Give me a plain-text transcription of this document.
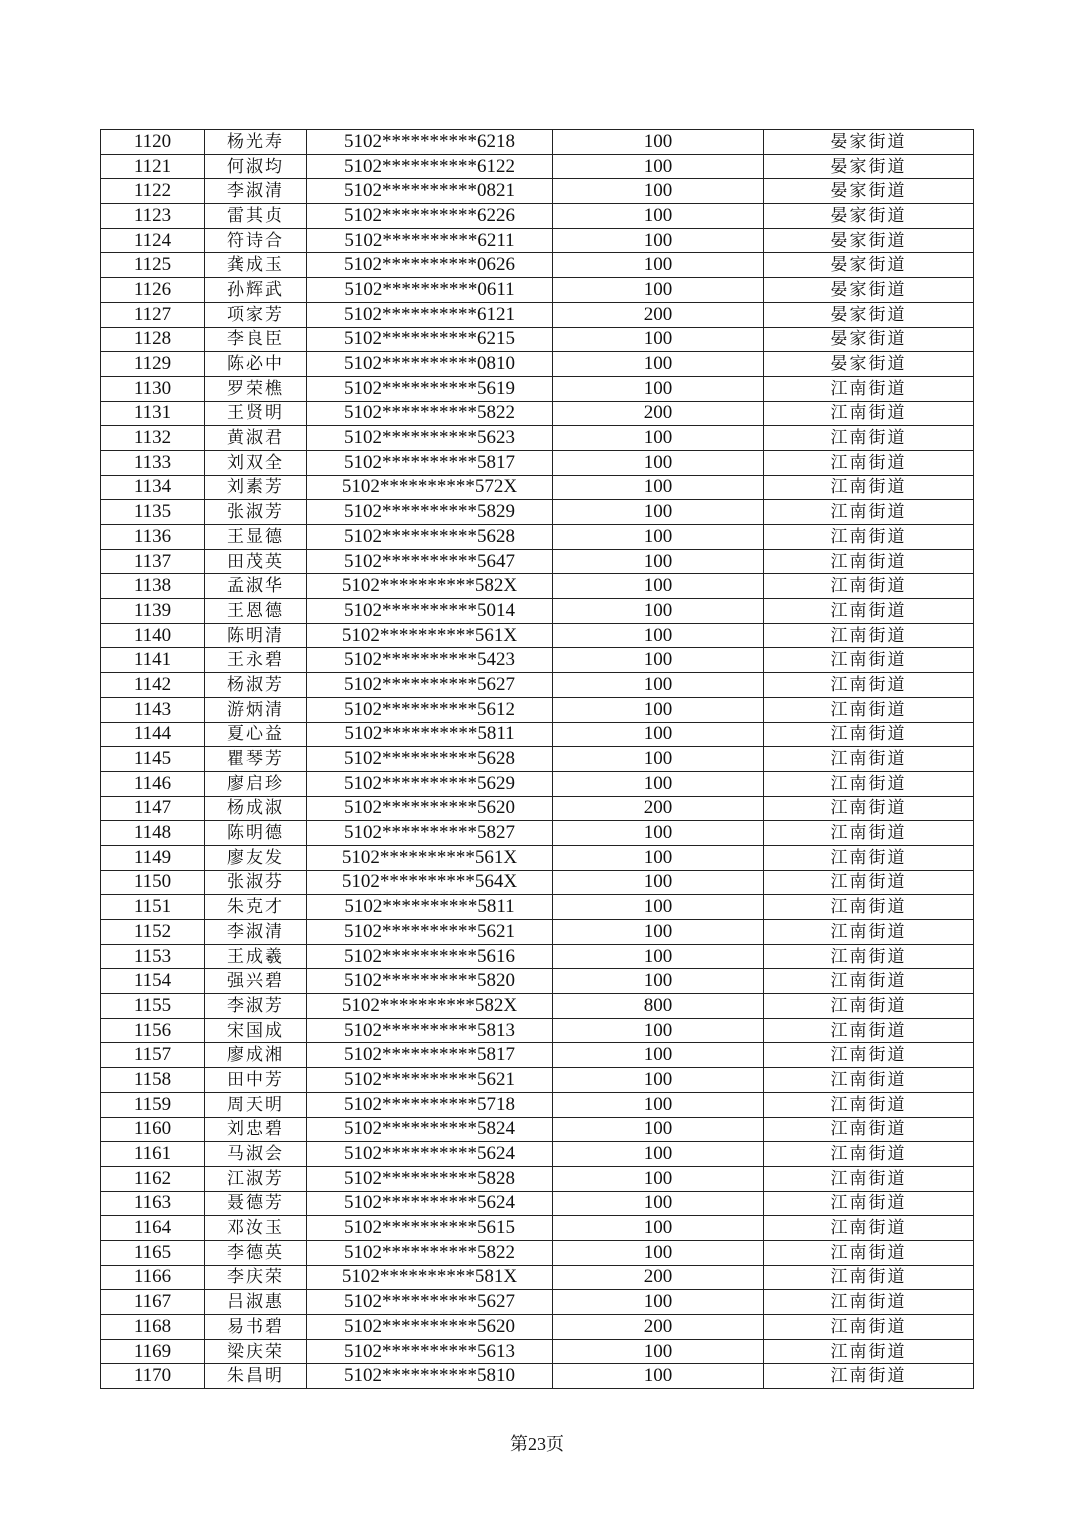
1120	杨光寿	5102**********6218	100	晏家街道
1121	何淑均	5102**********6122	100	晏家街道
1122	李淑清	5102**********0821	100	晏家街道
1123	雷其贞	5102**********6226	100	晏家街道
1124	符诗合	5102**********6211	100	晏家街道
1125	龚成玉	5102**********0626	100	晏家街道
1126	孙辉武	5102**********0611	100	晏家街道
1127	项家芳	5102**********6121	200	晏家街道
1128	李良臣	5102**********6215	100	晏家街道
1129	陈必中	5102**********0810	100	晏家街道
1130	罗荣樵	5102**********5619	100	江南街道
1131	王贤明	5102**********5822	200	江南街道
1132	黄淑君	5102**********5623	100	江南街道
1133	刘双全	5102**********5817	100	江南街道
1134	刘素芳	5102**********572X	100	江南街道
1135	张淑芳	5102**********5829	100	江南街道
1136	王显德	5102**********5628	100	江南街道
1137	田茂英	5102**********5647	100	江南街道
1138	孟淑华	5102**********582X	100	江南街道
1139	王恩德	5102**********5014	100	江南街道
1140	陈明清	5102**********561X	100	江南街道
1141	王永碧	5102**********5423	100	江南街道
1142	杨淑芳	5102**********5627	100	江南街道
1143	游炳清	5102**********5612	100	江南街道
1144	夏心益	5102**********5811	100	江南街道
1145	瞿琴芳	5102**********5628	100	江南街道
1146	廖启珍	5102**********5629	100	江南街道
1147	杨成淑	5102**********5620	200	江南街道
1148	陈明德	5102**********5827	100	江南街道
1149	廖友发	5102**********561X	100	江南街道
1150	张淑芬	5102**********564X	100	江南街道
1151	朱克才	5102**********5811	100	江南街道
1152	李淑清	5102**********5621	100	江南街道
1153	王成羲	5102**********5616	100	江南街道
1154	强兴碧	5102**********5820	100	江南街道
1155	李淑芳	5102**********582X	800	江南街道
1156	宋国成	5102**********5813	100	江南街道
1157	廖成湘	5102**********5817	100	江南街道
1158	田中芳	5102**********5621	100	江南街道
1159	周天明	5102**********5718	100	江南街道
1160	刘忠碧	5102**********5824	100	江南街道
1161	马淑会	5102**********5624	100	江南街道
1162	江淑芳	5102**********5828	100	江南街道
1163	聂德芳	5102**********5624	100	江南街道
1164	邓汝玉	5102**********5615	100	江南街道
1165	李德英	5102**********5822	100	江南街道
1166	李庆荣	5102**********581X	200	江南街道
1167	吕淑惠	5102**********5627	100	江南街道
1168	易书碧	5102**********5620	200	江南街道
1169	梁庆荣	5102**********5613	100	江南街道
1170	朱昌明	5102**********5810	100	江南街道
第23页
